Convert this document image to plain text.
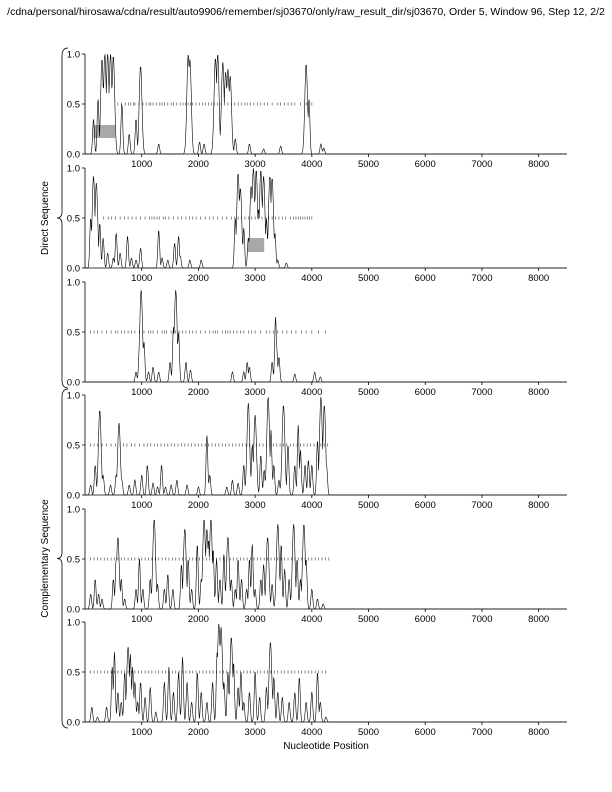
/cdna/personal/hirosawa/cdna/result/auto9906/remember/sj03670/only/raw_result_dir/sj03670, Order 5, Window 96, Step 12, 2/2
0.0
0.5
1.0
1000	2000	3000	4000	5000	6000	7000	8000
0.0
0.5
1.0
1000	2000	3000	4000	5000	6000	7000	8000
0.0
0.5
1.0
1000	2000	3000	4000	5000	6000	7000	8000
0.0
0.5
1.0
1000	2000	3000	4000	5000	6000	7000	8000
0.0
0.5
1.0
1000	2000	3000	4000	5000	6000	7000	8000
0.0
0.5
1.0
1000	2000	3000	4000	5000	6000	7000	8000
Direct Sequence
Complementary Sequence
Nucleotide Position
